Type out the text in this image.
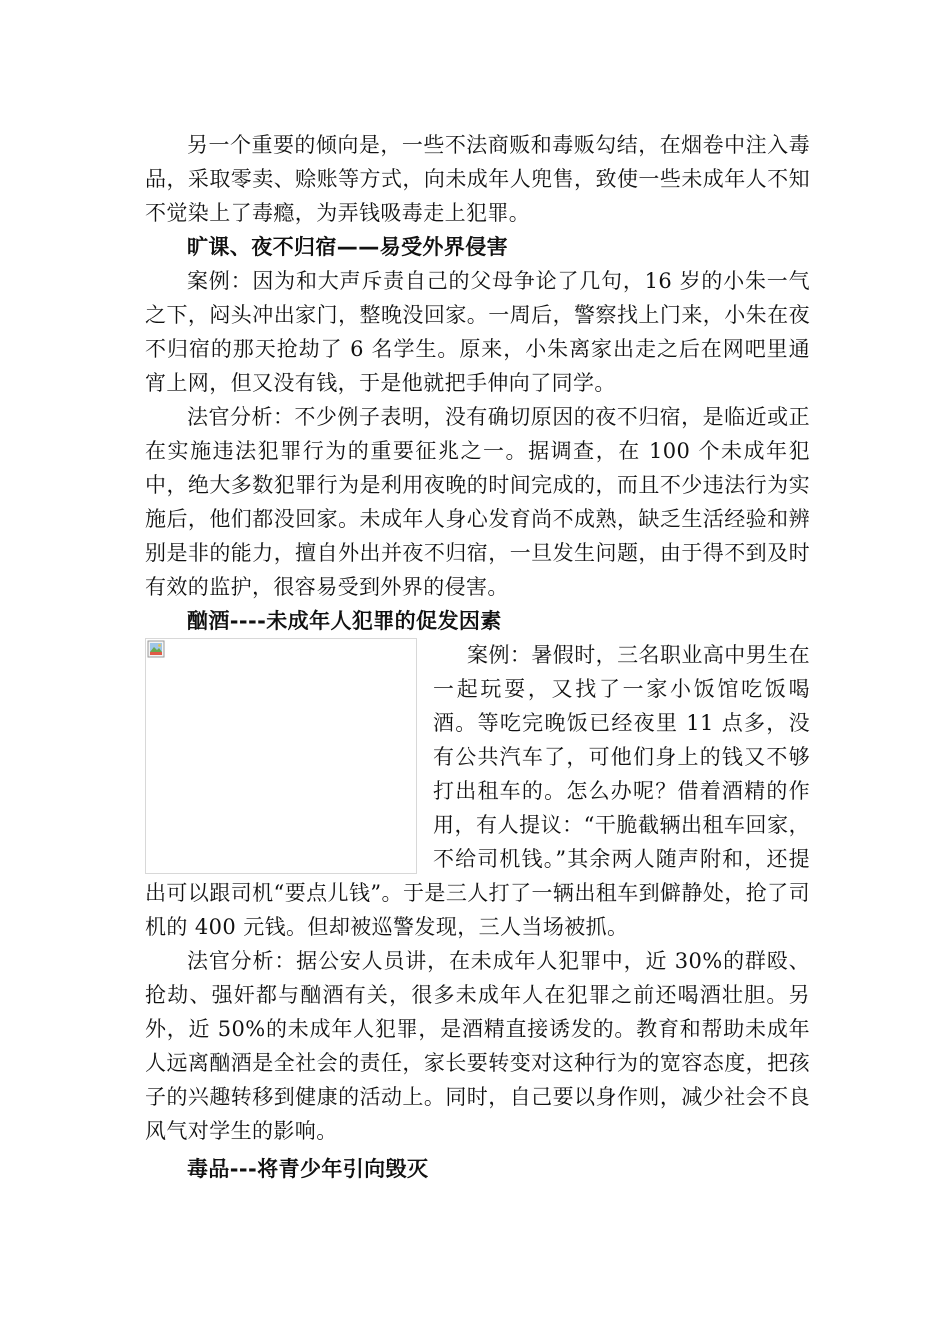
另一个重要的倾向是，一些不法商贩和毒贩勾结，在烟卷中注入毒品，采取零卖、赊账等方式，向未成年人兜售，致使一些未成年人不知不觉染上了毒瘾，为弄钱吸毒走上犯罪。

旷课、夜不归宿——易受外界侵害

案例：因为和大声斥责自己的父母争论了几句，16 岁的小朱一气之下，闷头冲出家门，整晚没回家。一周后，警察找上门来，小朱在夜不归宿的那天抢劫了 6 名学生。原来，小朱离家出走之后在网吧里通宵上网，但又没有钱，于是他就把手伸向了同学。

法官分析：不少例子表明，没有确切原因的夜不归宿，是临近或正在实施违法犯罪行为的重要征兆之一。据调查，在 100 个未成年犯中，绝大多数犯罪行为是利用夜晚的时间完成的，而且不少违法行为实施后，他们都没回家。未成年人身心发育尚不成熟，缺乏生活经验和辨别是非的能力，擅自外出并夜不归宿，一旦发生问题，由于得不到及时有效的监护，很容易受到外界的侵害。

酗酒----未成年人犯罪的促发因素

案例：暑假时，三名职业高中男生在一起玩耍，又找了一家小饭馆吃饭喝酒。等吃完晚饭已经夜里 11 点多，没有公共汽车了，可他们身上的钱又不够打出租车的。怎么办呢？借着酒精的作用，有人提议：“干脆截辆出租车回家，不给司机钱。”其余两人随声附和，还提出可以跟司机“要点儿钱”。于是三人打了一辆出租车到僻静处，抢了司机的 400 元钱。但却被巡警发现，三人当场被抓。

法官分析：据公安人员讲，在未成年人犯罪中，近 30%的群殴、抢劫、强奸都与酗酒有关，很多未成年人在犯罪之前还喝酒壮胆。另外，近 50%的未成年人犯罪，是酒精直接诱发的。教育和帮助未成年人远离酗酒是全社会的责任，家长要转变对这种行为的宽容态度，把孩子的兴趣转移到健康的活动上。同时，自己要以身作则，减少社会不良风气对学生的影响。

毒品---将青少年引向毁灭
